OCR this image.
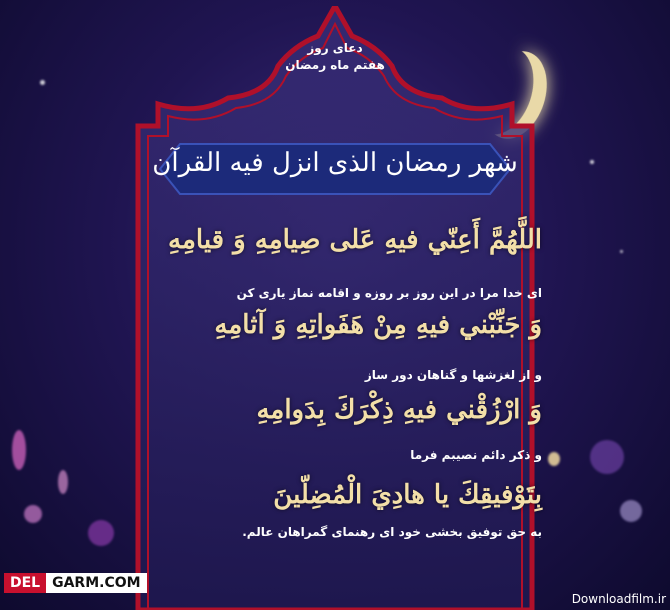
دعای روز
هفتم ماه رمضان
شهر رمضان الذی انزل فیه القرآن
اللَّهُمَّ أَعِنّي فيهِ عَلى صِيامِهِ وَ قيامِهِ
ای خدا مرا در این روز بر روزه و اقامه نماز یاری کن
وَ جَنِّبْني فيهِ مِنْ هَفَواتِهِ وَ آثامِهِ
و از لغزشها و گناهان دور ساز
وَ ارْزُقْني فيهِ ذِكْرَكَ بِدَوامِهِ
و ذکر دائم نصیبم فرما
بِتَوْفيقِكَ يا هادِيَ الْمُضِلّينَ
به حق توفیق بخشی خود ای رهنمای گمراهان عالم.
DEL GARM.COM
Downloadfilm.ir
